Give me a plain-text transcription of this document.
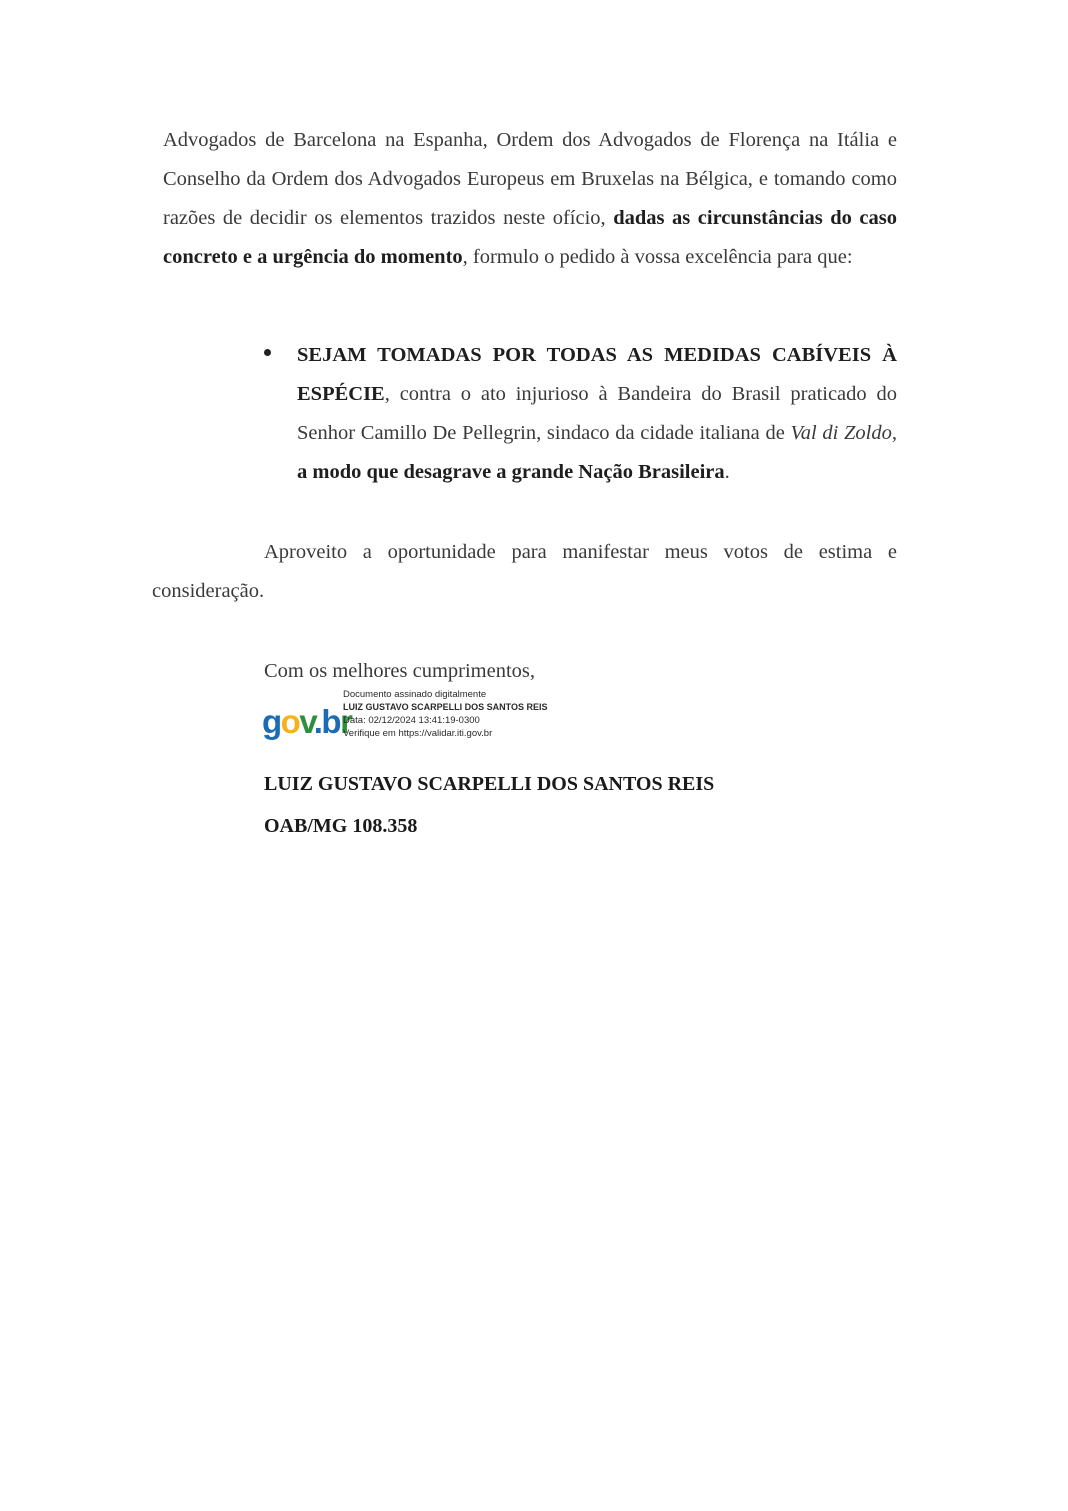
Advogados de Barcelona na Espanha, Ordem dos Advogados de Florença na Itália e Conselho da Ordem dos Advogados Europeus em Bruxelas na Bélgica, e tomando como razões de decidir os elementos trazidos neste ofício, dadas as circunstâncias do caso concreto e a urgência do momento, formulo o pedido à vossa excelência para que:

SEJAM TOMADAS POR TODAS AS MEDIDAS CABÍVEIS À ESPÉCIE, contra o ato injurioso à Bandeira do Brasil praticado do Senhor Camillo De Pellegrin, sindaco da cidade italiana de Val di Zoldo, a modo que desagrave a grande Nação Brasileira.

Aproveito a oportunidade para manifestar meus votos de estima e consideração.

Com os melhores cumprimentos,
gov.br
Documento assinado digitalmente
LUIZ GUSTAVO SCARPELLI DOS SANTOS REIS
Data: 02/12/2024 13:41:19-0300
Verifique em https://validar.iti.gov.br
LUIZ GUSTAVO SCARPELLI DOS SANTOS REIS
OAB/MG 108.358
